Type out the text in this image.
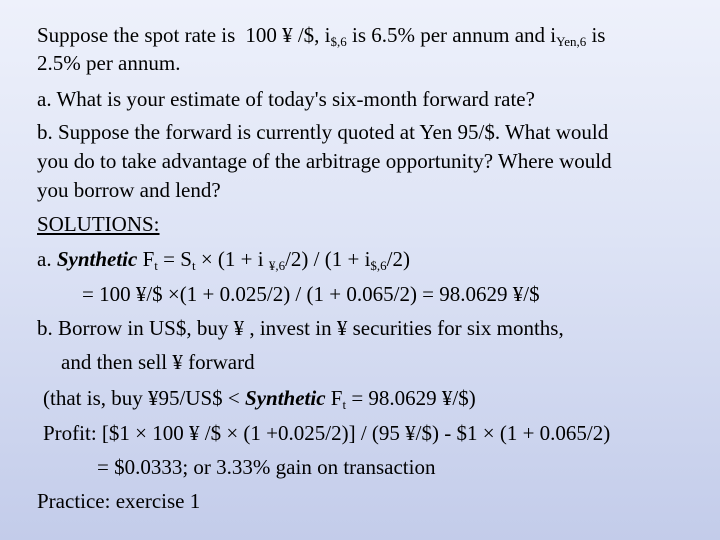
Suppose the spot rate is 100 ¥ /$, $i_{\$,6}$ is 6.5% per annum and $i_{Yen,6}$ is
2.5% per annum.
a. What is your estimate of today's six-month forward rate?
b. Suppose the forward is currently quoted at Yen 95/$. What would
you do to take advantage of the arbitrage opportunity? Where would
you borrow and lend?
SOLUTIONS:
a. Synthetic $F_t = S_t \times (1 + i$ $_{¥,6}/2) / (1 + i_{\$,6}/2)$
= 100 ¥/$ ×(1 + 0.025/2) / (1 + 0.065/2) = 98.0629 ¥/$
b. Borrow in US$, buy ¥ , invest in ¥ securities for six months,
and then sell ¥ forward
(that is, buy ¥95/US$ < Synthetic $F_t = 98.0629$ ¥/$)
Profit: [$1 × 100 ¥ /$ × (1 +0.025/2)] / (95 ¥/$) - $1 × (1 + 0.065/2)
= $0.0333; or 3.33% gain on transaction
Practice: exercise 1
